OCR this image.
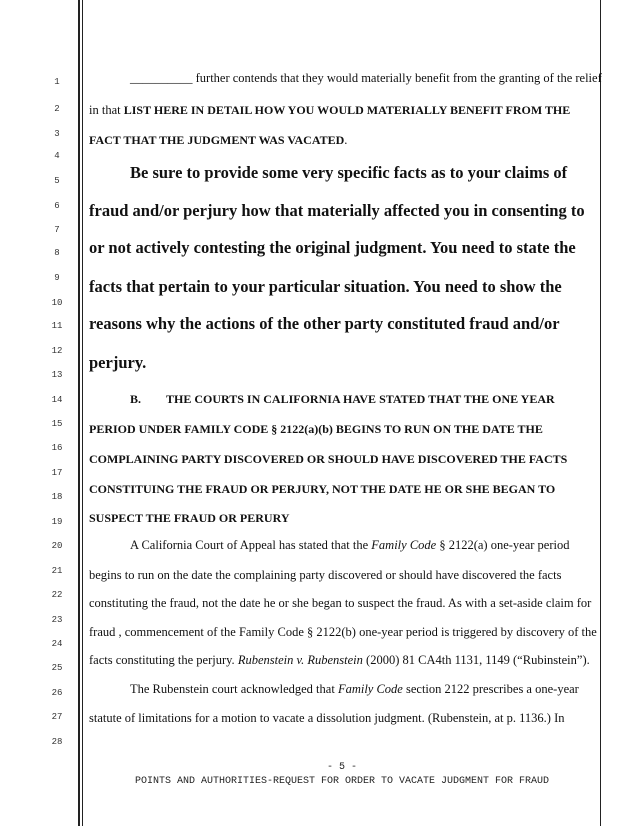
1
2
3
4
5
6
7
8
9
10
11
12
13
14
15
16
17
18
19
20
21
22
23
24
25
26
27
28
__________ further contends that they would materially benefit from the granting of the relief
in that LIST HERE IN DETAIL HOW YOU WOULD MATERIALLY BENEFIT FROM THE
FACT THAT THE JUDGMENT WAS VACATED.
Be sure to provide some very specific facts as to your claims of
fraud and/or perjury how that materially affected you in consenting to
or not actively contesting the original judgment. You need to state the
facts that pertain to your particular situation. You need to show the
reasons why the actions of the other party constituted fraud and/or
perjury.
B. THE COURTS IN CALIFORNIA HAVE STATED THAT THE ONE YEAR
PERIOD UNDER FAMILY CODE § 2122(a)(b) BEGINS TO RUN ON THE DATE THE
COMPLAINING PARTY DISCOVERED OR SHOULD HAVE DISCOVERED THE FACTS
CONSTITUING THE FRAUD OR PERJURY, NOT THE DATE HE OR SHE BEGAN TO
SUSPECT THE FRAUD OR PERURY
A California Court of Appeal has stated that the Family Code § 2122(a) one-year period
begins to run on the date the complaining party discovered or should have discovered the facts
constituting the fraud, not the date he or she began to suspect the fraud. As with a set-aside claim for
fraud , commencement of the Family Code § 2122(b) one-year period is triggered by discovery of the
facts constituting the perjury. Rubenstein v. Rubenstein (2000) 81 CA4th 1131, 1149 (“Rubinstein”).
The Rubenstein court acknowledged that Family Code section 2122 prescribes a one-year
statute of limitations for a motion to vacate a dissolution judgment. (Rubenstein, at p. 1136.) In
- 5 -
POINTS AND AUTHORITIES-REQUEST FOR ORDER TO VACATE JUDGMENT FOR FRAUD
